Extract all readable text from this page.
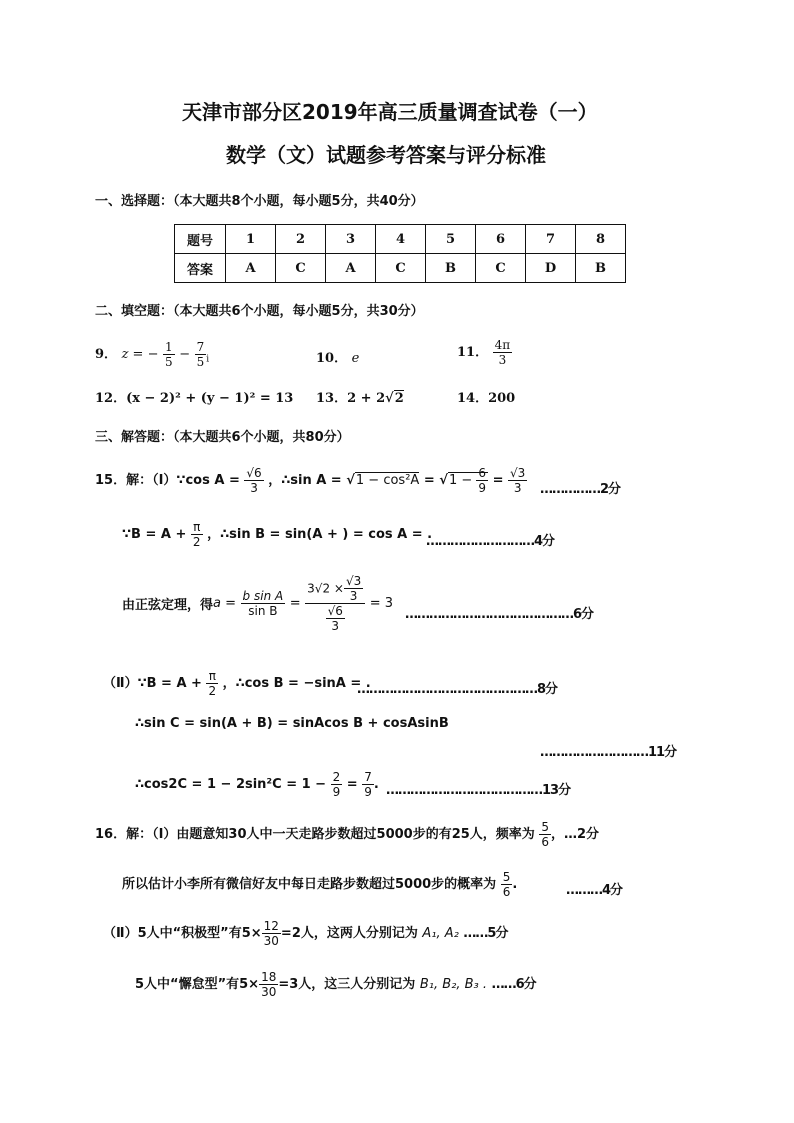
天津市部分区2019年高三质量调查试卷（一）
数学（文）试题参考答案与评分标准
一、选择题：（本大题共8个小题，每小题5分，共40分）
题号	1	2	3	4	5	6	7	8
答案	A	C	A	C	B	C	D	B
二、填空题：（本大题共6个小题，每小题5分，共30分）
9． z = − $\frac{1}{5} - \frac{7}{5} _i$	10． e	11． $\frac{4\pi}{3}$
12．(x − 2)² + (y − 1)² = 13 13．2 + 2√2	14．200
三、解答题：（本大题共6个小题，共80分）
15．解：（Ⅰ）∵cos $A = \frac{√6}{3}$ ，∴sin $A = √1 - \cos^2A = √1 - \frac{6}{9} = \frac{√3}{3}$ ……………2分
∵B = $A + \frac{\pi}{2}$ ，∴sin B = sin(A + ) = cos A = .
………………………4分
由正弦定理，得$a = \frac{\text{b sin A}}{\text{sin B}} = \frac{3√2 \times \frac{√3}{3}}{\frac{√6}{3}} = 3$
……………………………………6分
（Ⅱ）∵B = $A + \frac{\pi}{2}$ ，∴cos B = −sinA = .
………………………………………8分
∴sin C = sin(A + B) = sinAcos B + cosAsinB
………………………11分
∴cos2C = $1 - 2\sin^2C = 1 - \frac{2}{9} = \frac{7}{9}$ . …………………………………13分
16．解：（Ⅰ）由题意知30人中一天走路步数超过5000步的有25人，频率为 $\frac{5}{6}$ ，…2分
所以估计小李所有微信好友中每日走路步数超过5000步的概率为 $\frac{5}{6}$ .	………4分
（Ⅱ）5人中“积极型”有$5\times \frac{12}{30} =2$人，这两人分别记为 A₁, A₂ ……5分
5人中“懈怠型”有$5\times \frac{18}{30} =3$人，这三人分别记为 B₁, B₂, B₃ . ……6分
